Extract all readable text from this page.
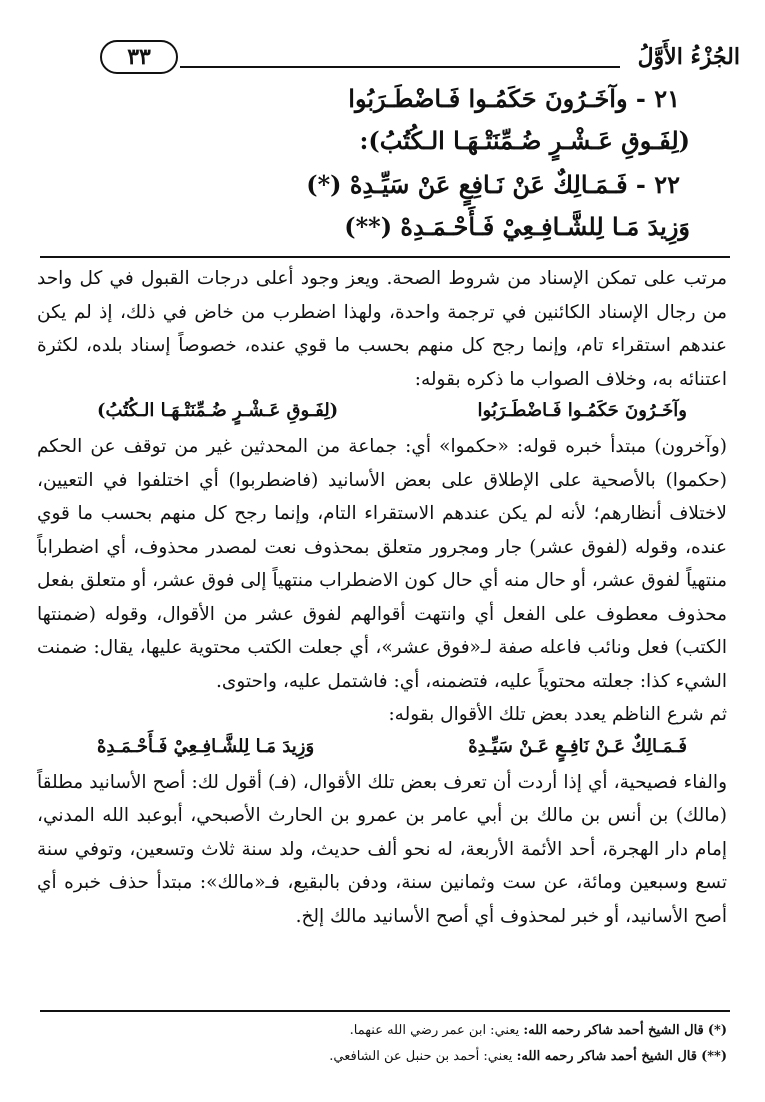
الجُزْءُ الأَوَّلُ
٣٣
٢١ - وآخَـرُونَ حَكَمُـوا فَـاضْطَـرَبُوا
(لِفَـوقِ عَـشْـرٍ ضُـمِّنَتْـهَـا الـكُتُبُ):
٢٢ - فَـمَـالِكٌ عَنْ نَـافِعٍ عَنْ سَيِّـدِهْ (*)
وَزِيدَ مَـا لِلشَّـافِـعِيْ فَـأَحْـمَـدِهْ (**)

مرتب على تمكن الإسناد من شروط الصحة. ويعز وجود أعلى درجات القبول في كل واحد من رجال الإسناد الكائنين في ترجمة واحدة، ولهذا اضطرب من خاض في ذلك، إذ لم يكن عندهم استقراء تام، وإنما رجح كل منهم بحسب ما قوي عنده، خصوصاً إسناد بلده، لكثرة اعتنائه به، وخلاف الصواب ما ذكره بقوله:

وآخَـرُونَ حَكَمُـوا فَـاضْطَـرَبُوا
(لِفَـوقِ عَـشْـرٍ ضُـمِّنَتْـهَـا الـكُتُبُ)

(وآخرون) مبتدأ خبره قوله: «حكموا» أي: جماعة من المحدثين غير من توقف عن الحكم (حكموا) بالأصحية على الإطلاق على بعض الأسانيد (فاضطربوا) أي اختلفوا في التعيين، لاختلاف أنظارهم؛ لأنه لم يكن عندهم الاستقراء التام، وإنما رجح كل منهم بحسب ما قوي عنده، وقوله (لفوق عشر) جار ومجرور متعلق بمحذوف نعت لمصدر محذوف، أي اضطراباً منتهياً لفوق عشر، أو حال منه أي حال كون الاضطراب منتهياً إلى فوق عشر، أو متعلق بفعل محذوف معطوف على الفعل أي وانتهت أقوالهم لفوق عشر من الأقوال، وقوله (ضمنتها الكتب) فعل ونائب فاعله صفة لـ«فوق عشر»، أي جعلت الكتب محتوية عليها، يقال: ضمنت الشيء كذا: جعلته محتوياً عليه، فتضمنه، أي: فاشتمل عليه، واحتوى.

ثم شرع الناظم يعدد بعض تلك الأقوال بقوله:

فَـمَـالِكٌ عَـنْ نَافِـعٍ عَـنْ سَيِّـدِهْ
وَزِيدَ مَـا لِلشَّـافِـعِيْ فَـأَحْـمَـدِهْ

والفاء فصيحية، أي إذا أردت أن تعرف بعض تلك الأقوال، (فـ) أقول لك: أصح الأسانيد مطلقاً (مالك) بن أنس بن مالك بن أبي عامر بن عمرو بن الحارث الأصبحي، أبوعبد الله المدني، إمام دار الهجرة، أحد الأئمة الأربعة، له نحو ألف حديث، ولد سنة ثلاث وتسعين، وتوفي سنة تسع وسبعين ومائة، عن ست وثمانين سنة، ودفن بالبقيع، فـ«مالك»: مبتدأ حذف خبره أي أصح الأسانيد، أو خبر لمحذوف أي أصح الأسانيد مالك إلخ.

(*) قال الشيخ أحمد شاكر رحمه الله: يعني: ابن عمر رضي الله عنهما.
(**) قال الشيخ أحمد شاكر رحمه الله: يعني: أحمد بن حنبل عن الشافعي.
